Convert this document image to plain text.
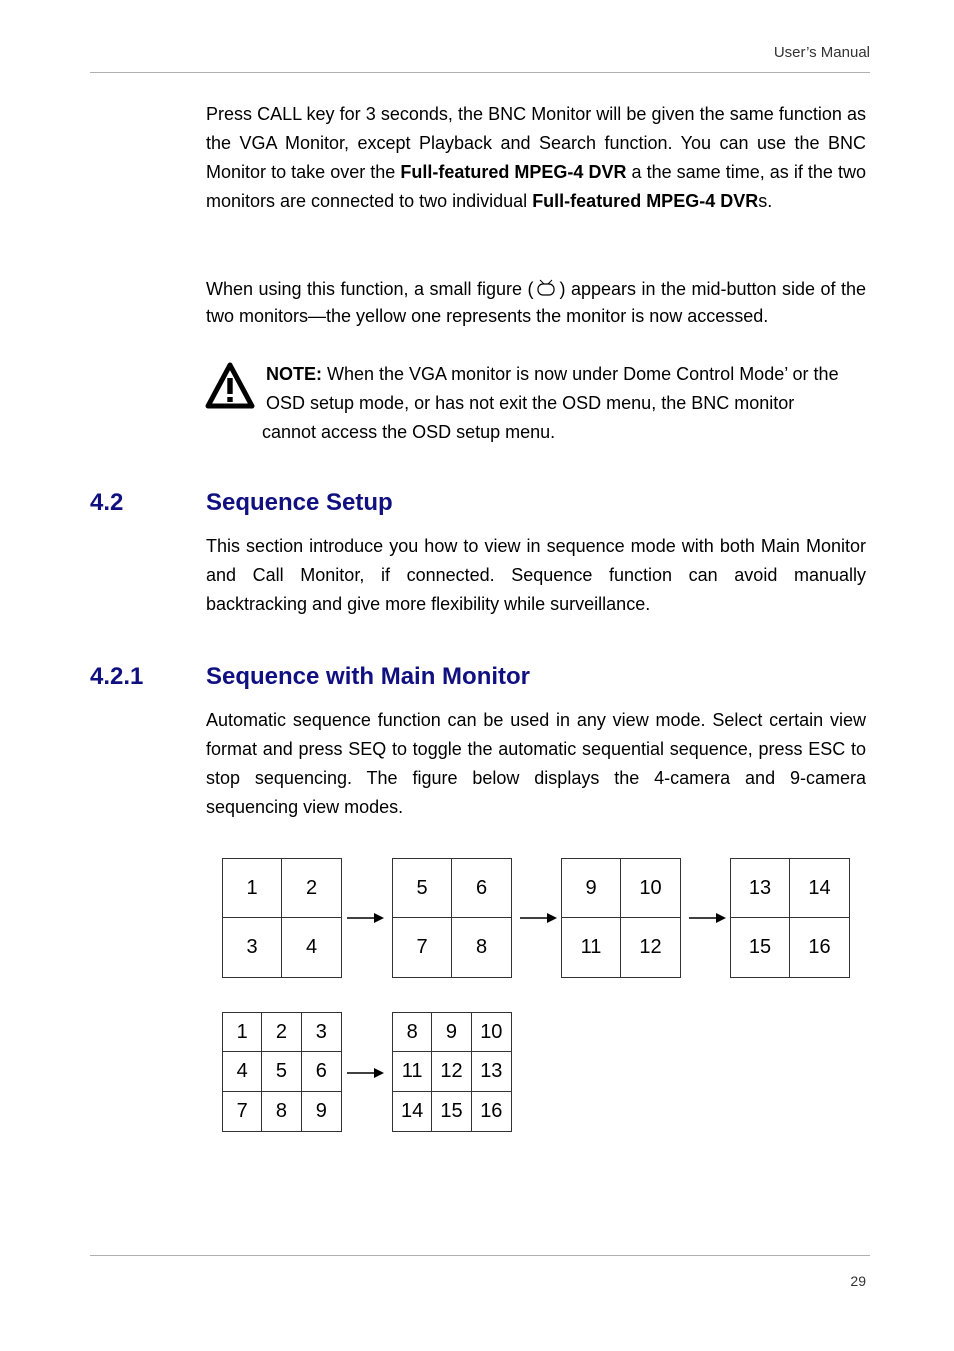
User’s Manual

Press CALL key for 3 seconds, the BNC Monitor will be given the same function as the VGA Monitor, except Playback and Search function. You can use the BNC Monitor to take over the Full-featured MPEG-4 DVR a the same time, as if the two monitors are connected to two individual Full-featured MPEG-4 DVRs.

When using this function, a small figure ( ) appears in the mid-button side of the two monitors—the yellow one represents the monitor is now accessed.

NOTE: When the VGA monitor is now under Dome Control Mode’ or the
OSD setup mode, or has not exit the OSD menu, the BNC monitor
cannot access the OSD setup menu.

4.2	Sequence Setup

This section introduce you how to view in sequence mode with both Main Monitor and Call Monitor, if connected. Sequence function can avoid manually backtracking and give more flexibility while surveillance.

4.2.1	Sequence with Main Monitor

Automatic sequence function can be used in any view mode. Select certain view format and press SEQ to toggle the automatic sequential sequence, press ESC to stop sequencing. The figure below displays the 4-camera and 9-camera sequencing view modes.

1	2
3	4
5	6
7	8
9	10
11	12
13	14
15	16
1	2	3
4	5	6
7	8	9
8	9	10
11 12 13
14 15 16
29
